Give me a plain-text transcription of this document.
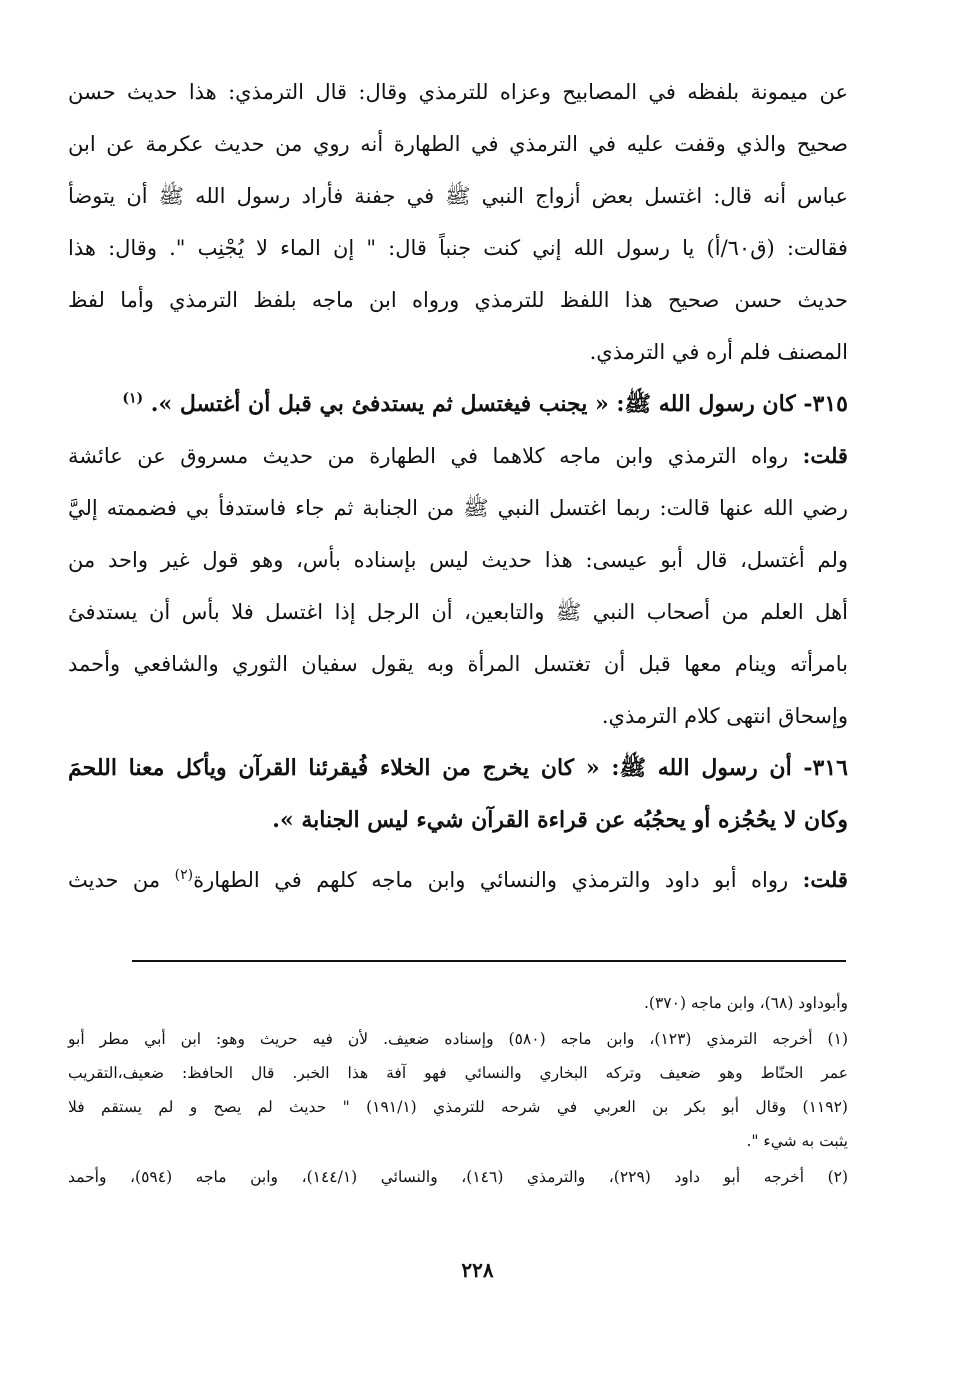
عن ميمونة بلفظه في المصابيح وعزاه للترمذي وقال: قال الترمذي: هذا حديث حسن
صحيح والذي وقفت عليه في الترمذي في الطهارة أنه روي من حديث عكرمة عن ابن
عباس أنه قال: اغتسل بعض أزواج النبي ﷺ في جفنة فأراد رسول الله ﷺ أن يتوضأ
فقالت: (ق٦٠/أ) يا رسول الله إني كنت جنباً قال: " إن الماء لا يُجْنِب ". وقال: هذا
حديث حسن صحيح هذا اللفظ للترمذي ورواه ابن ماجه بلفظ الترمذي وأما لفظ
المصنف فلم أره في الترمذي.
٣١٥- كان رسول الله ﷺ: « يجنب فيغتسل ثم يستدفئ بي قبل أن أغتسل ». $^{(١)}$
قلت: رواه الترمذي وابن ماجه كلاهما في الطهارة من حديث مسروق عن عائشة
رضي الله عنها قالت: ربما اغتسل النبي ﷺ من الجنابة ثم جاء فاستدفأ بي فضممته إليَّ
ولم أغتسل، قال أبو عيسى: هذا حديث ليس بإسناده بأس، وهو قول غير واحد من
أهل العلم من أصحاب النبي ﷺ والتابعين، أن الرجل إذا اغتسل فلا بأس أن يستدفئ
بامرأته وينام معها قبل أن تغتسل المرأة وبه يقول سفيان الثوري والشافعي وأحمد
وإسحاق انتهى كلام الترمذي.
٣١٦- أن رسول الله ﷺ: « كان يخرج من الخلاء فُيقرئنا القرآن ويأكل معنا اللحمَ
وكان لا يحُجُزه أو يحجُبُه عن قراءة القرآن شيء ليس الجنابة ».
قلت: رواه أبو داود والترمذي والنسائي وابن ماجه كلهم في الطهارة$^{(٢)}$ من حديث
وأبوداود (٦٨)، وابن ماجه (٣٧٠).
(١) أخرجه الترمذي (١٢٣)، وابن ماجه (٥٨٠) وإسناده ضعيف. لأن فيه حريث وهو: ابن أبي مطر أبو
عمر الحنّاط وهو ضعيف وتركه البخاري والنسائي فهو آفة هذا الخبر. قال الحافظ: ضعيف،التقريب
(١١٩٢) وقال أبو بكر بن العربي في شرحه للترمذي (١٩١/١) " حديث لم يصح و لم يستقم فلا
يثبت به شيء ".
(٢) أخرجه أبو داود (٢٢٩)، والترمذي (١٤٦)، والنسائي (١٤٤/١)، وابن ماجه (٥٩٤)، وأحمد
٢٢٨
